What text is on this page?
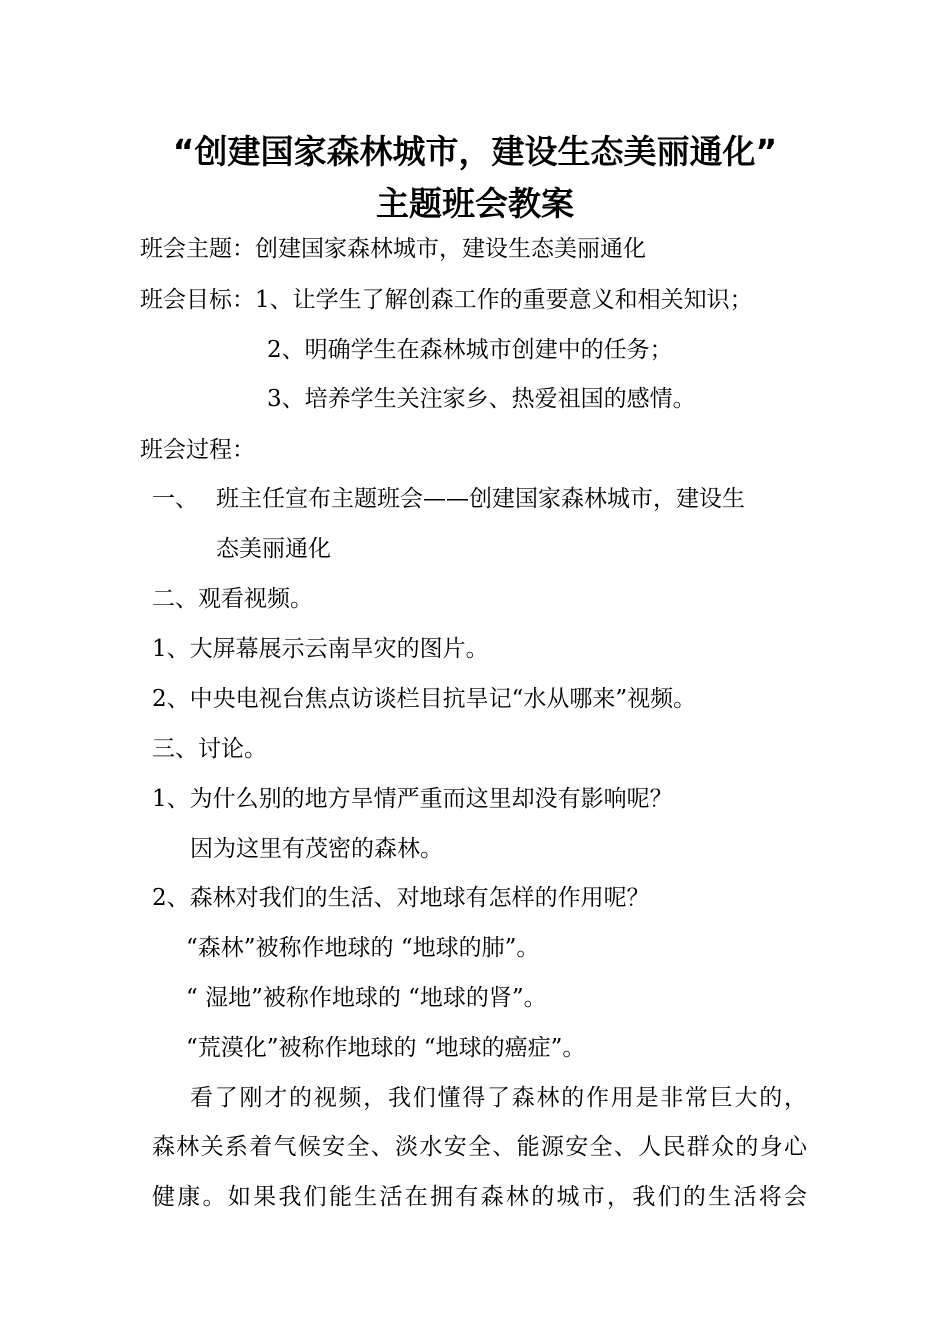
“创建国家森林城市，建设生态美丽通化”
主题班会教案
班会主题：创建国家森林城市，建设生态美丽通化
班会目标：1、让学生了解创森工作的重要意义和相关知识；
2、明确学生在森林城市创建中的任务；
3、培养学生关注家乡、热爱祖国的感情。
班会过程：
一、 班主任宣布主题班会——创建国家森林城市，建设生
态美丽通化
二、观看视频。
1、大屏幕展示云南旱灾的图片。
2、中央电视台焦点访谈栏目抗旱记“水从哪来”视频。
三、讨论。
1、为什么别的地方旱情严重而这里却没有影响呢？
因为这里有茂密的森林。
2、森林对我们的生活、对地球有怎样的作用呢？
“森林”被称作地球的 “地球的肺”。
“ 湿地”被称作地球的 “地球的肾”。
“荒漠化”被称作地球的 “地球的癌症”。
看了刚才的视频，我们懂得了森林的作用是非常巨大的，
森林关系着气候安全、淡水安全、能源安全、人民群众的身心
健康。如果我们能生活在拥有森林的城市，我们的生活将会
